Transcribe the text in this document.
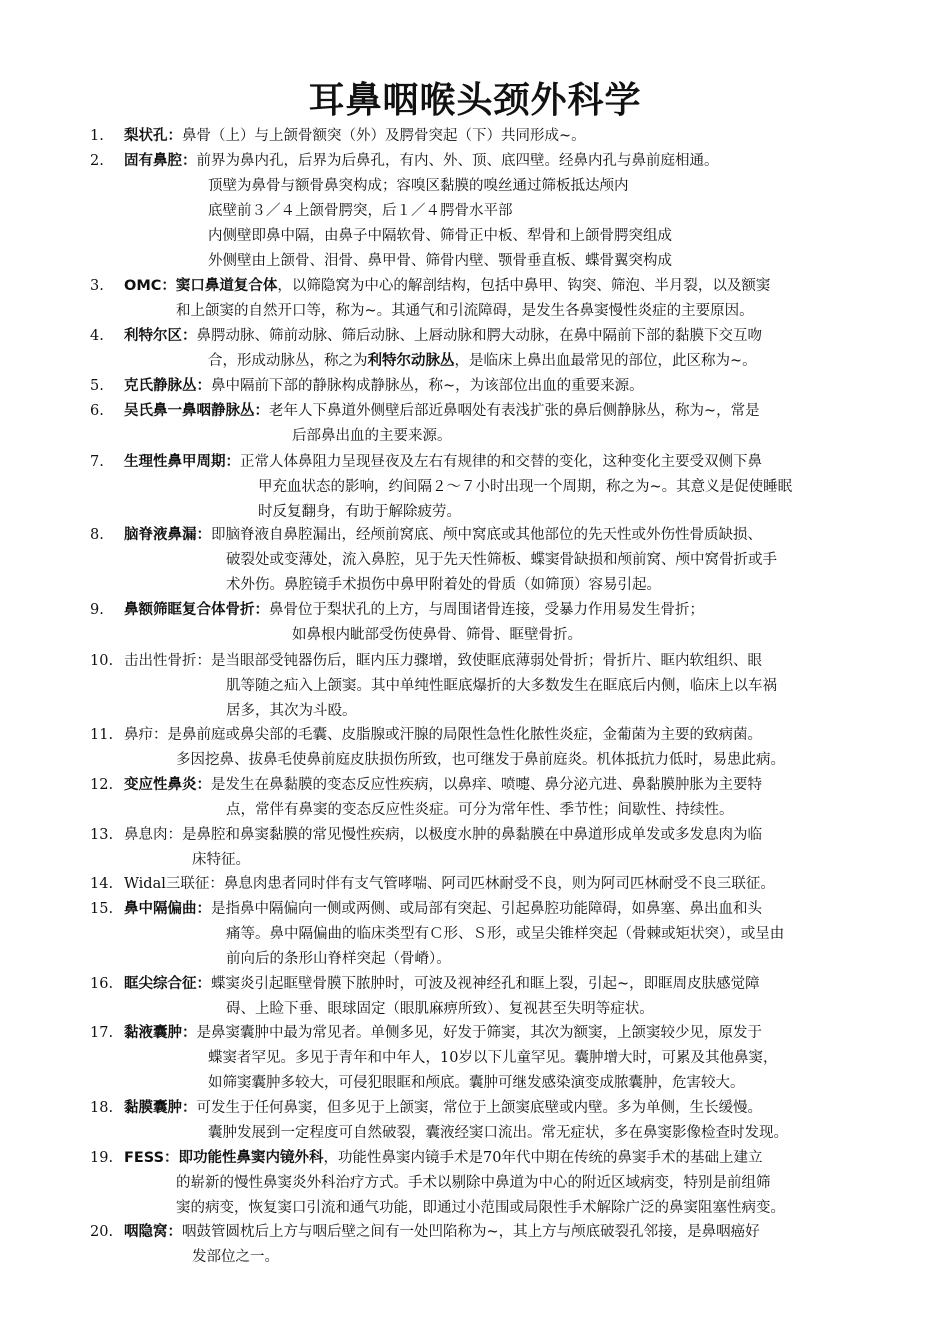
耳鼻咽喉头颈外科学
1.	梨状孔：鼻骨（上）与上颌骨额突（外）及腭骨突起（下）共同形成~。
2.	固有鼻腔：前界为鼻内孔，后界为后鼻孔，有内、外、顶、底四壁。经鼻内孔与鼻前庭相通。
顶壁为鼻骨与额骨鼻突构成；容嗅区黏膜的嗅丝通过筛板抵达颅内
底壁前３／４上颌骨腭突，后１／４腭骨水平部
内侧壁即鼻中隔，由鼻子中隔软骨、筛骨正中板、犁骨和上颌骨腭突组成
外侧壁由上颌骨、泪骨、鼻甲骨、筛骨内壁、颚骨垂直板、蝶骨翼突构成
3.	OMC：窦口鼻道复合体，以筛隐窝为中心的解剖结构，包括中鼻甲、钩突、筛泡、半月裂，以及额窦
和上颌窦的自然开口等，称为~。其通气和引流障碍，是发生各鼻窦慢性炎症的主要原因。
4.	利特尔区：鼻腭动脉、筛前动脉、筛后动脉、上唇动脉和腭大动脉，在鼻中隔前下部的黏膜下交互吻
合，形成动脉丛，称之为利特尔动脉丛，是临床上鼻出血最常见的部位，此区称为~。
5.	克氏静脉丛：鼻中隔前下部的静脉构成静脉丛，称~，为该部位出血的重要来源。
6.	吴氏鼻一鼻咽静脉丛：老年人下鼻道外侧壁后部近鼻咽处有表浅扩张的鼻后侧静脉丛，称为~，常是
后部鼻出血的主要来源。
7.	生理性鼻甲周期：正常人体鼻阻力呈现昼夜及左右有规律的和交替的变化，这种变化主要受双侧下鼻
甲充血状态的影响，约间隔２～７小时出现一个周期，称之为~。其意义是促使睡眠
时反复翻身，有助于解除疲劳。
8.	脑脊液鼻漏：即脑脊液自鼻腔漏出，经颅前窝底、颅中窝底或其他部位的先天性或外伤性骨质缺损、
破裂处或变薄处，流入鼻腔，见于先天性筛板、蝶窦骨缺损和颅前窝、颅中窝骨折或手
术外伤。鼻腔镜手术损伤中鼻甲附着处的骨质（如筛顶）容易引起。
9.	鼻额筛眶复合体骨折：鼻骨位于梨状孔的上方，与周围诸骨连接，受暴力作用易发生骨折；
如鼻根内眦部受伤使鼻骨、筛骨、眶壁骨折。
10. 击出性骨折：是当眼部受钝器伤后，眶内压力骤增，致使眶底薄弱处骨折；骨折片、眶内软组织、眼
肌等随之疝入上颌窦。其中单纯性眶底爆折的大多数发生在眶底后内侧，临床上以车祸
居多，其次为斗殴。
11. 鼻疖：是鼻前庭或鼻尖部的毛囊、皮脂腺或汗腺的局限性急性化脓性炎症，金葡菌为主要的致病菌。
多因挖鼻、拔鼻毛使鼻前庭皮肤损伤所致，也可继发于鼻前庭炎。机体抵抗力低时，易患此病。
12. 变应性鼻炎：是发生在鼻黏膜的变态反应性疾病，以鼻痒、喷嚏、鼻分泌亢进、鼻黏膜肿胀为主要特
点，常伴有鼻窦的变态反应性炎症。可分为常年性、季节性；间歇性、持续性。
13. 鼻息肉：是鼻腔和鼻窦黏膜的常见慢性疾病，以极度水肿的鼻黏膜在中鼻道形成单发或多发息肉为临
床特征。
14. Widal三联征：鼻息肉患者同时伴有支气管哮喘、阿司匹林耐受不良，则为阿司匹林耐受不良三联征。
15. 鼻中隔偏曲：是指鼻中隔偏向一侧或两侧、或局部有突起、引起鼻腔功能障碍，如鼻塞、鼻出血和头
痛等。鼻中隔偏曲的临床类型有Ｃ形、Ｓ形，或呈尖锥样突起（骨棘或矩状突），或呈由
前向后的条形山脊样突起（骨嵴）。
16. 眶尖综合征：蝶窦炎引起眶壁骨膜下脓肿时，可波及视神经孔和眶上裂，引起~，即眶周皮肤感觉障
碍、上睑下垂、眼球固定（眼肌麻痹所致）、复视甚至失明等症状。
17. 黏液囊肿：是鼻窦囊肿中最为常见者。单侧多见，好发于筛窦，其次为额窦，上颌窦较少见，原发于
蝶窦者罕见。多见于青年和中年人，10岁以下儿童罕见。囊肿增大时，可累及其他鼻窦，
如筛窦囊肿多较大，可侵犯眼眶和颅底。囊肿可继发感染演变成脓囊肿，危害较大。
18. 黏膜囊肿：可发生于任何鼻窦，但多见于上颌窦，常位于上颌窦底壁或内壁。多为单侧，生长缓慢。
囊肿发展到一定程度可自然破裂，囊液经窦口流出。常无症状，多在鼻窦影像检查时发现。
19. FESS：即功能性鼻窦内镜外科，功能性鼻窦内镜手术是70年代中期在传统的鼻窦手术的基础上建立
的崭新的慢性鼻窦炎外科治疗方式。手术以剔除中鼻道为中心的附近区域病变，特别是前组筛
窦的病变，恢复窦口引流和通气功能，即通过小范围或局限性手术解除广泛的鼻窦阻塞性病变。
20. 咽隐窝：咽鼓管圆枕后上方与咽后壁之间有一处凹陷称为~，其上方与颅底破裂孔邻接，是鼻咽癌好
发部位之一。
